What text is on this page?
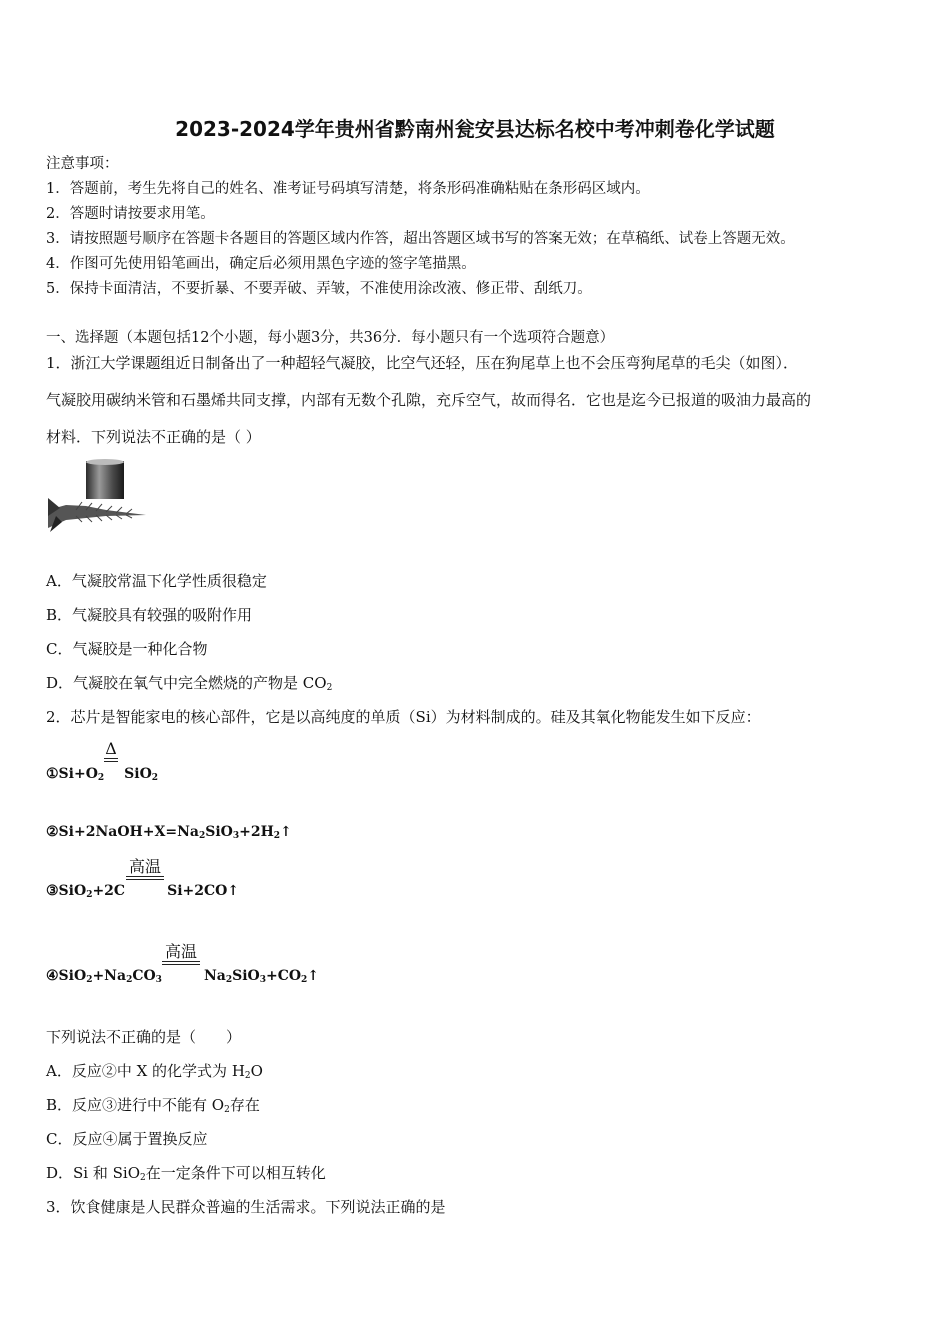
2023-2024学年贵州省黔南州瓮安县达标名校中考冲刺卷化学试题
注意事项：
1．答题前，考生先将自己的姓名、准考证号码填写清楚，将条形码准确粘贴在条形码区域内。
2．答题时请按要求用笔。
3．请按照题号顺序在答题卡各题目的答题区域内作答，超出答题区域书写的答案无效；在草稿纸、试卷上答题无效。
4．作图可先使用铅笔画出，确定后必须用黑色字迹的签字笔描黑。
5．保持卡面清洁，不要折暴、不要弄破、弄皱，不准使用涂改液、修正带、刮纸刀。
一、选择题（本题包括12个小题，每小题3分，共36分．每小题只有一个选项符合题意）
1．浙江大学课题组近日制备出了一种超轻气凝胶，比空气还轻，压在狗尾草上也不会压弯狗尾草的毛尖（如图）．
气凝胶用碳纳米管和石墨烯共同支撑，内部有无数个孔隙，充斥空气，故而得名．它也是迄今已报道的吸油力最高的
材料．下列说法不正确的是（ ）
A．气凝胶常温下化学性质很稳定
B．气凝胶具有较强的吸附作用
C．气凝胶是一种化合物
D．气凝胶在氧气中完全燃烧的产物是 $CO_2$
2．芯片是智能家电的核心部件，它是以高纯度的单质（Si）为材料制成的。硅及其氧化物能发生如下反应：
$①Si+O_2$ SiO$_2$
Δ
$②Si+2NaOH+X=Na_2SiO_3+2H_2↑$
③SiO$_2$+2C	Si+2CO↑
高温
$④SiO_2+Na_2CO_3$	$Na_2SiO_3+CO_2↑$
高温
下列说法不正确的是（　　）
A．反应②中 X 的化学式为 $H_2O$
B．反应③进行中不能有 $O_2$存在
C．反应④属于置换反应
D．Si 和 SiO$_2$在一定条件下可以相互转化
3．饮食健康是人民群众普遍的生活需求。下列说法正确的是
